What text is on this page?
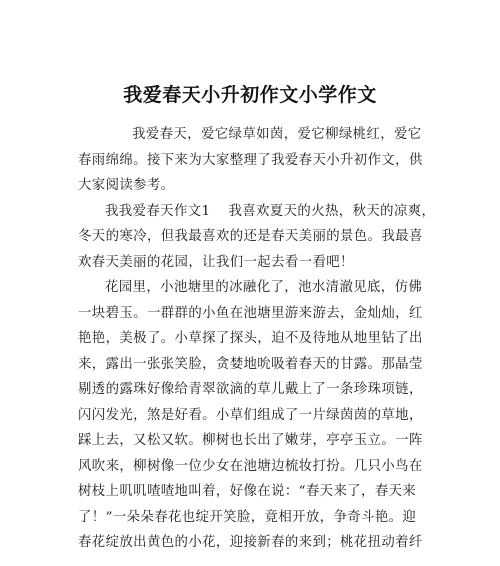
我爱春天小升初作文小学作文
我爱春天，爱它绿草如茵，爱它柳绿桃红，爱它
春雨绵绵。接下来为大家整理了我爱春天小升初作文，供
大家阅读参考。
我我爱春天作文1 我喜欢夏天的火热，秋天的凉爽，
冬天的寒冷，但我最喜欢的还是春天美丽的景色。我最喜
欢春天美丽的花园，让我们一起去看一看吧！
花园里，小池塘里的冰融化了，池水清澈见底，仿佛
一块碧玉。一群群的小鱼在池塘里游来游去，金灿灿，红
艳艳，美极了。小草探了探头，迫不及待地从地里钻了出
来，露出一张张笑脸，贪婪地吮吸着春天的甘露。那晶莹
剔透的露珠好像给青翠欲滴的草儿戴上了一条珍珠项链，
闪闪发光，煞是好看。小草们组成了一片绿茵茵的草地，
踩上去，又松又软。柳树也长出了嫩芽，亭亭玉立。一阵
风吹来，柳树像一位少女在池塘边梳妆打扮。几只小鸟在
树枝上叽叽喳喳地叫着，好像在说：“春天来了，春天来
了！”一朵朵春花也绽开笑脸，竟相开放，争奇斗艳。迎
春花绽放出黄色的小花，迎接新春的来到；桃花扭动着纤
